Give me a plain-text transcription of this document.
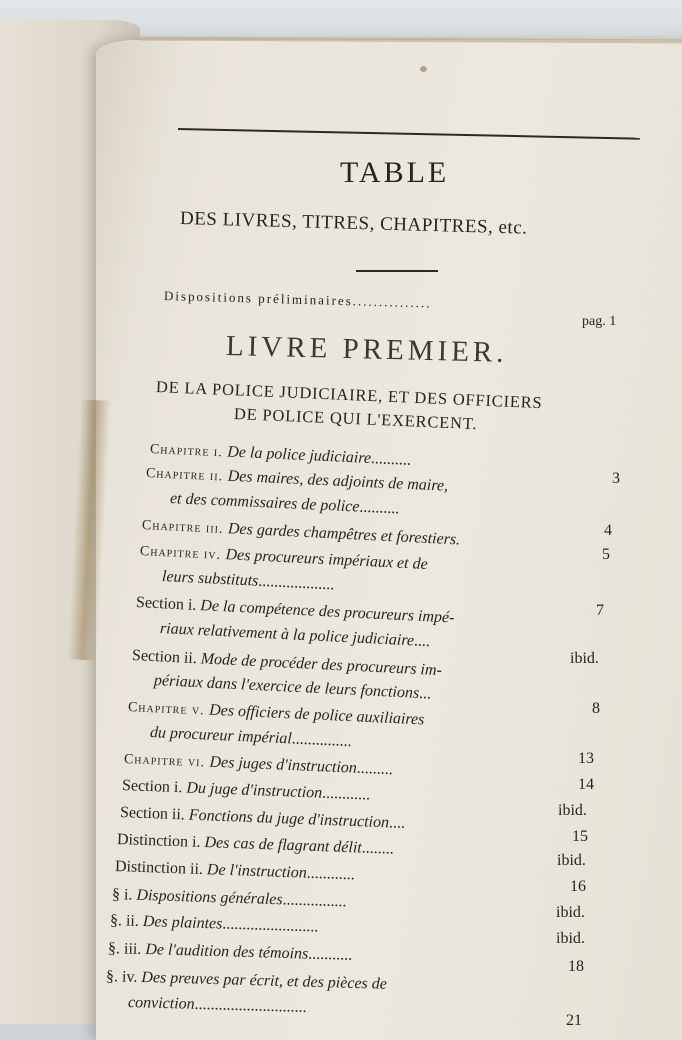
TABLE
DES LIVRES, TITRES, CHAPITRES, etc.
Dispositions préliminaires...............
pag. 1
LIVRE PREMIER.
DE LA POLICE JUDICIAIRE, ET DES OFFICIERS
DE POLICE QUI L'EXERCENT.
Chapitre i. De la police judiciaire..........
3
Chapitre ii. Des maires, des adjoints de maire,
et des commissaires de police..........
4
Chapitre iii. Des gardes champêtres et forestiers.
5
Chapitre iv. Des procureurs impériaux et de
leurs substituts...................
7
Section i. De la compétence des procureurs impé-
riaux relativement à la police judiciaire....
ibid.
Section ii. Mode de procéder des procureurs im-
périaux dans l'exercice de leurs fonctions...
8
Chapitre v. Des officiers de police auxiliaires
du procureur impérial...............
13
Chapitre vi. Des juges d'instruction.........
14
Section i. Du juge d'instruction............
ibid.
Section ii. Fonctions du juge d'instruction....
15
Distinction i. Des cas de flagrant délit........
ibid.
Distinction ii. De l'instruction............
16
§ i. Dispositions générales................
ibid.
§. ii. Des plaintes........................
ibid.
§. iii. De l'audition des témoins...........
18
§. iv. Des preuves par écrit, et des pièces de
conviction............................
21
